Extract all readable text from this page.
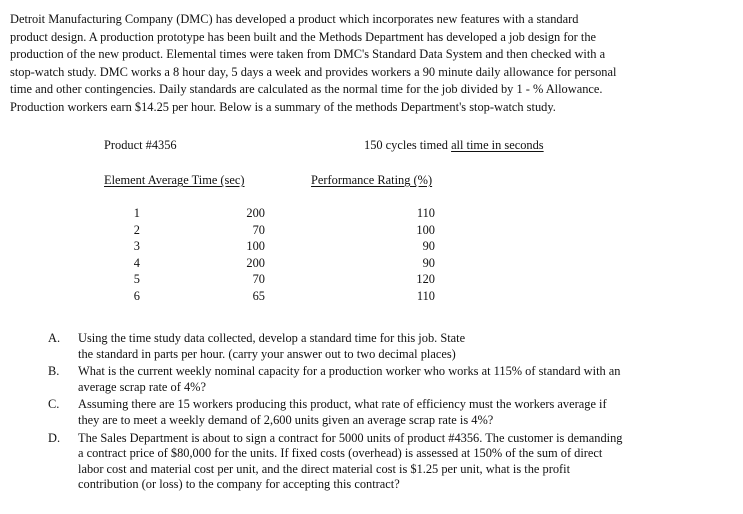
Detroit Manufacturing Company (DMC) has developed a product which incorporates new features with a standard
product design. A production prototype has been built and the Methods Department has developed a job design for the
production of the new product. Elemental times were taken from DMC's Standard Data System and then checked with a
stop-watch study. DMC works a 8 hour day, 5 days a week and provides workers a 90 minute daily allowance for personal
time and other contingencies. Daily standards are calculated as the normal time for the job divided by 1 - % Allowance.
Production workers earn $14.25 per hour. Below is a summary of the methods Department's stop-watch study.
Product #4356	150 cycles timed all time in seconds
Element Average Time (sec)	Performance Rating (%)
1	200	110
2	70	100
3	100	90
4	200	90
5	70	120
6	65	110
A. Using the time study data collected, develop a standard time for this job. State
the standard in parts per hour. (carry your answer out to two decimal places)
B. What is the current weekly nominal capacity for a production worker who works at 115% of standard with an
average scrap rate of 4%?
C. Assuming there are 15 workers producing this product, what rate of efficiency must the workers average if
they are to meet a weekly demand of 2,600 units given an average scrap rate is 4%?
D. The Sales Department is about to sign a contract for 5000 units of product #4356. The customer is demanding
a contract price of $80,000 for the units. If fixed costs (overhead) is assessed at 150% of the sum of direct
labor cost and material cost per unit, and the direct material cost is $1.25 per unit, what is the profit
contribution (or loss) to the company for accepting this contract?
